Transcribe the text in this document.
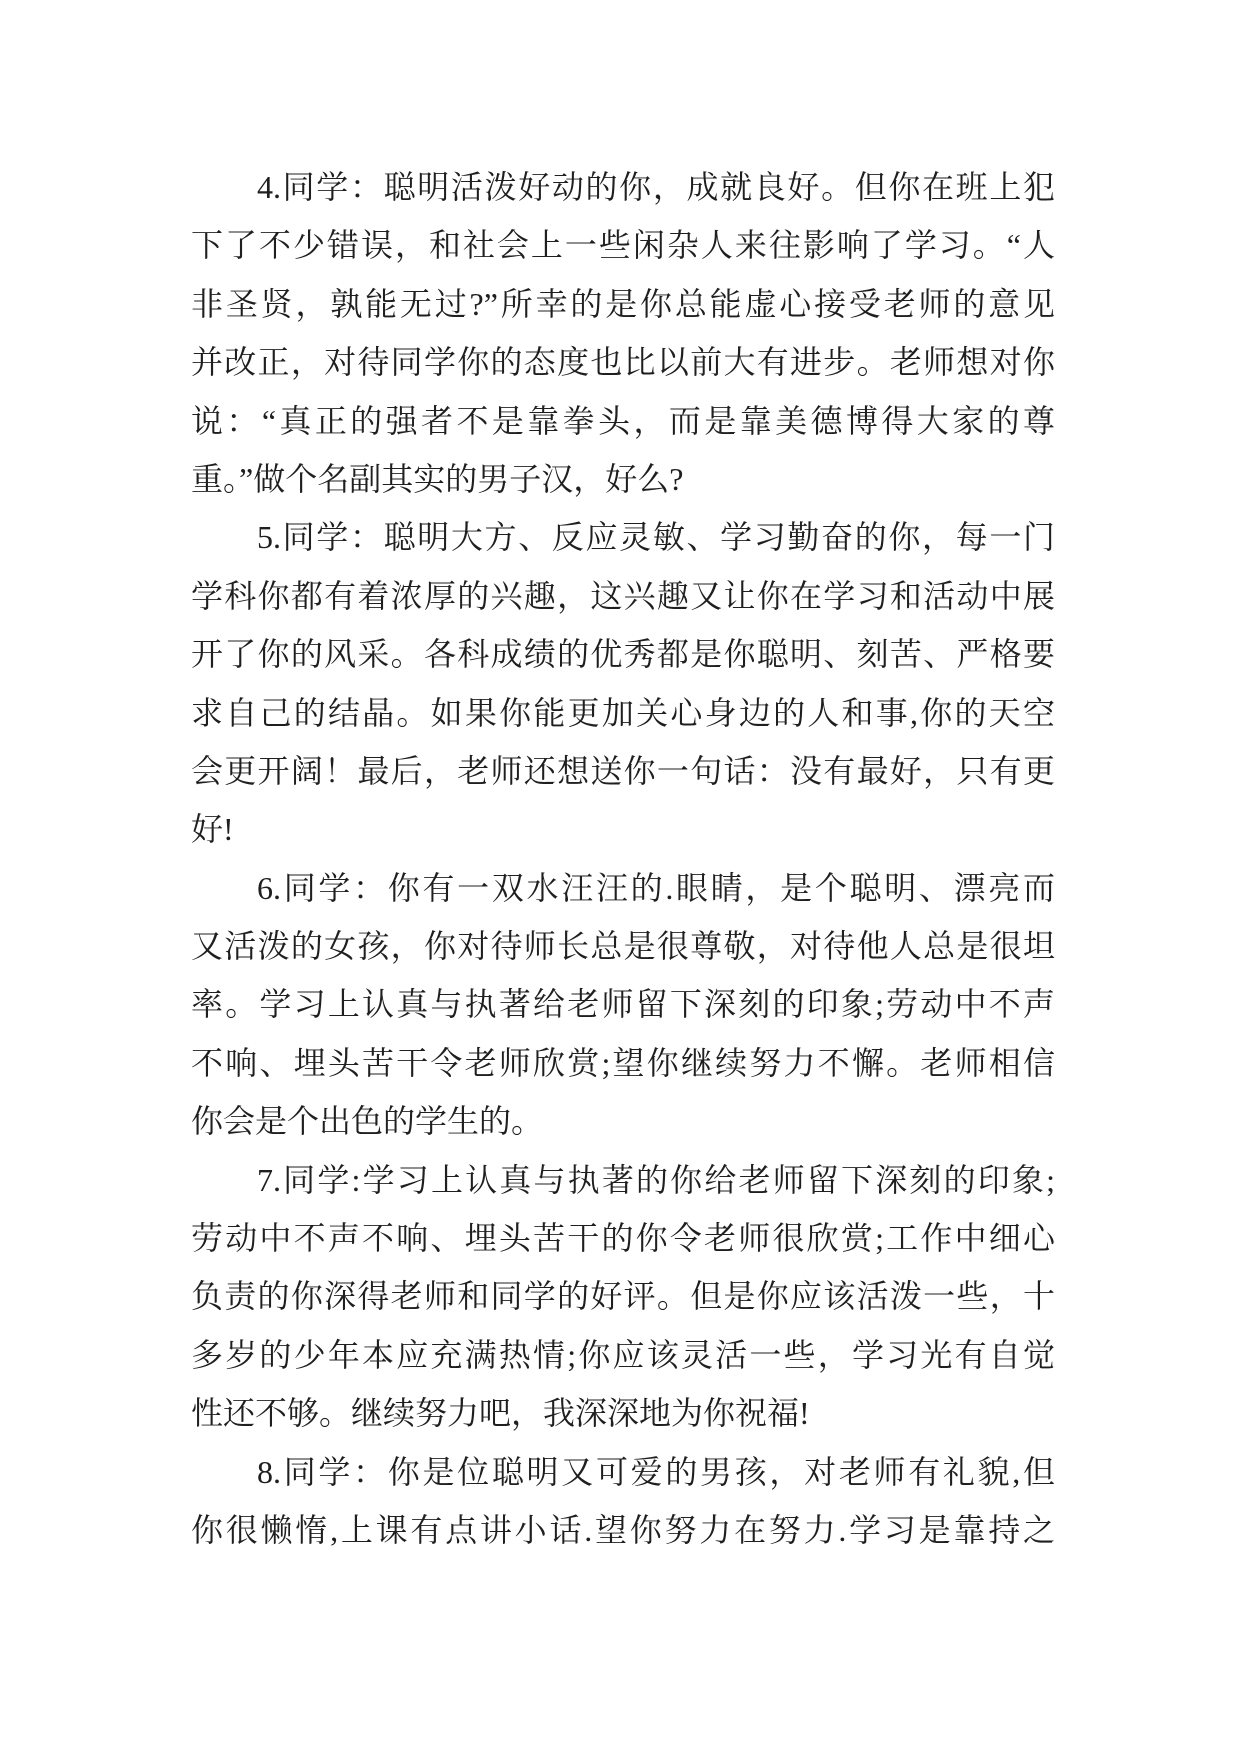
4.同学：聪明活泼好动的你，成就良好。但你在班上犯
下了不少错误，和社会上一些闲杂人来往影响了学习。“人
非圣贤，孰能无过?”所幸的是你总能虚心接受老师的意见
并改正，对待同学你的态度也比以前大有进步。老师想对你
说：“真正的强者不是靠拳头，而是靠美德博得大家的尊
重。”做个名副其实的男子汉，好么?
5.同学：聪明大方、反应灵敏、学习勤奋的你，每一门
学科你都有着浓厚的兴趣，这兴趣又让你在学习和活动中展
开了你的风采。各科成绩的优秀都是你聪明、刻苦、严格要
求自己的结晶。如果你能更加关心身边的人和事,你的天空
会更开阔！最后，老师还想送你一句话：没有最好，只有更
好!
6.同学：你有一双水汪汪的.眼睛，是个聪明、漂亮而
又活泼的女孩，你对待师长总是很尊敬，对待他人总是很坦
率。学习上认真与执著给老师留下深刻的印象;劳动中不声
不响、埋头苦干令老师欣赏;望你继续努力不懈。老师相信
你会是个出色的学生的。
7.同学:学习上认真与执著的你给老师留下深刻的印象;
劳动中不声不响、埋头苦干的你令老师很欣赏;工作中细心
负责的你深得老师和同学的好评。但是你应该活泼一些，十
多岁的少年本应充满热情;你应该灵活一些，学习光有自觉
性还不够。继续努力吧，我深深地为你祝福!
8.同学：你是位聪明又可爱的男孩，对老师有礼貌,但
你很懒惰,上课有点讲小话.望你努力在努力.学习是靠持之
